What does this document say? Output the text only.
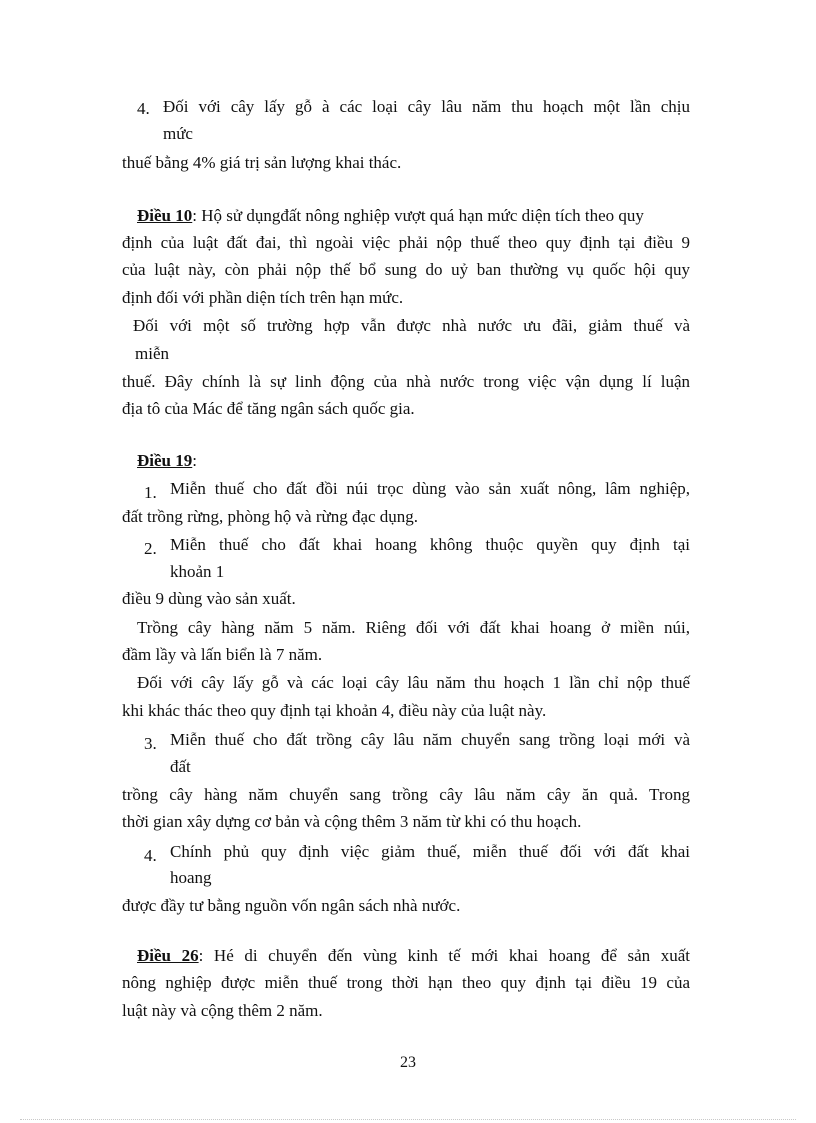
4. Đối với cây lấy gỗ à các loại cây lâu năm thu hoạch một lần chịu
mức
thuế bằng 4% giá trị sản lượng khai thác.
Điều 10: Hộ sử dụngđất nông nghiệp vượt quá hạn mức diện tích theo quy
định của luật đất đai, thì ngoài việc phải nộp thuế theo quy định tại điều 9
của luật này, còn phải nộp thế bổ sung do uỷ ban thường vụ quốc hội quy
định đối với phần diện tích trên hạn mức.
Đối với một số trường hợp vẫn được nhà nước ưu đãi, giảm thuế và
miễn
thuế. Đây chính là sự linh động của nhà nước trong việc vận dụng lí luận
địa tô của Mác để tăng ngân sách quốc gia.
Điều 19:
1. Miễn thuế cho đất đồi núi trọc dùng vào sản xuất nông, lâm nghiệp,
đất trồng rừng, phòng hộ và rừng đạc dụng.
2. Miễn thuế cho đất khai hoang không thuộc quyền quy định tại
khoản 1
điều 9 dùng vào sản xuất.
Trồng cây hàng năm 5 năm. Riêng đối với đất khai hoang ở miền núi,
đầm lầy và lấn biển là 7 năm.
Đối với cây lấy gỗ và các loại cây lâu năm thu hoạch 1 lần chỉ nộp thuế
khi khác thác theo quy định tại khoản 4, điều này của luật này.
3. Miễn thuế cho đất trồng cây lâu năm chuyển sang trồng loại mới và
đất
trồng cây hàng năm chuyển sang trồng cây lâu năm cây ăn quả. Trong
thời gian xây dựng cơ bản và cộng thêm 3 năm từ khi có thu hoạch.
4. Chính phủ quy định việc giảm thuế, miễn thuế đối với đất khai
hoang
được đầy tư bằng nguồn vốn ngân sách nhà nước.
Điều 26: Hé di chuyển đến vùng kinh tế mới khai hoang để sản xuất
nông nghiệp được miễn thuế trong thời hạn theo quy định tại điều 19 của
luật này và cộng thêm 2 năm.
23
